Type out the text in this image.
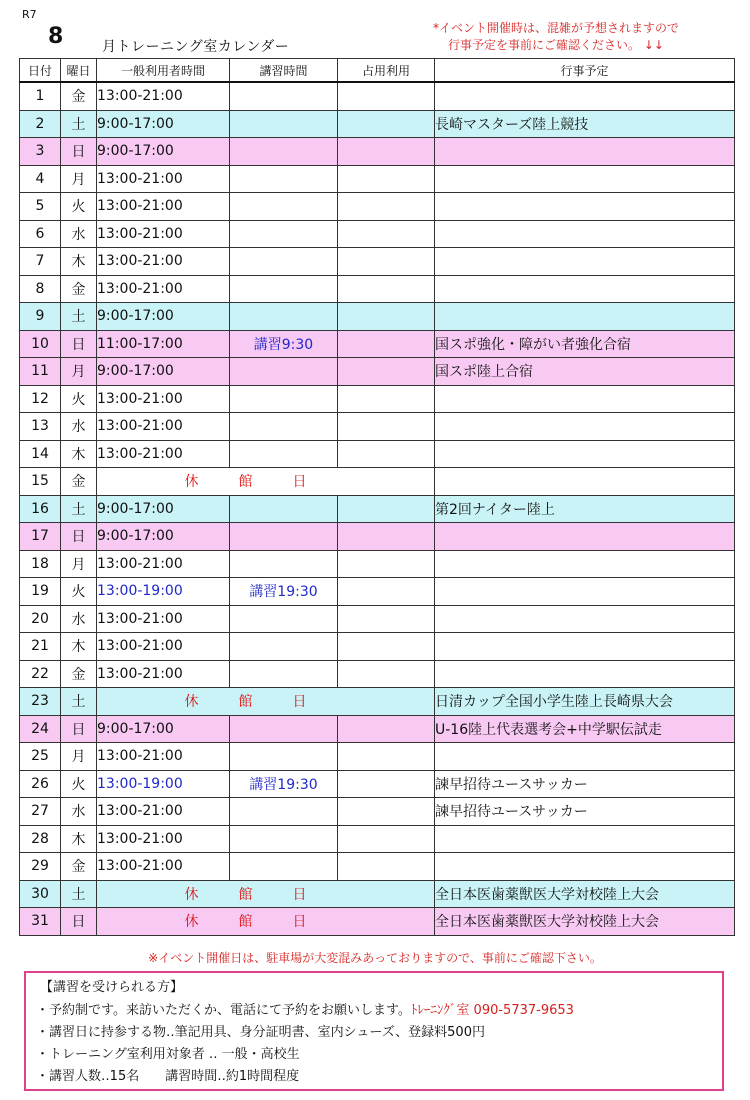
R7
8	月トレーニング室カレンダー
*イベント開催時は、混雑が予想されますので
行事予定を事前にご確認ください。 ↓↓
日付	曜日	一般利用者時間	講習時間	占用利用	行事予定
1	金	13:00-21:00			
2	土	9:00-17:00			長崎マスターズ陸上競技
3	日	9:00-17:00			
4	月	13:00-21:00			
5	火	13:00-21:00			
6	水	13:00-21:00			
7	木	13:00-21:00			
8	金	13:00-21:00			
9	土	9:00-17:00			
10	日	11:00-17:00	講習9:30		国スポ強化・障がい者強化合宿
11	月	9:00-17:00			国スポ陸上合宿
12	火	13:00-21:00			
13	水	13:00-21:00			
14	木	13:00-21:00			
15	金	休館日			
16	土	9:00-17:00			第2回ナイター陸上
17	日	9:00-17:00			
18	月	13:00-21:00			
19	火	13:00-19:00	講習19:30		
20	水	13:00-21:00			
21	木	13:00-21:00			
22	金	13:00-21:00			
23	土	休館日			日清カップ全国小学生陸上長崎県大会
24	日	9:00-17:00			U-16陸上代表選考会+中学駅伝試走
25	月	13:00-21:00			
26	火	13:00-19:00	講習19:30		諫早招待ユースサッカー
27	水	13:00-21:00			諫早招待ユースサッカー
28	木	13:00-21:00			
29	金	13:00-21:00			
30	土	休館日			全日本医歯薬獣医大学対校陸上大会
31	日	休館日			全日本医歯薬獣医大学対校陸上大会
※イベント開催日は、駐車場が大変混みあっておりますので、事前にご確認下さい。

【講習を受けられる方】

・予約制です。来訪いただくか、電話にて予約をお願いします。ﾄﾚｰﾆﾝｸﾞ室 090-5737-9653

・講習日に持参する物‥筆記用具、身分証明書、室内シューズ、登録料500円

・トレーニング室利用対象者 ‥ 一般・高校生

・講習人数‥15名　　講習時間‥約1時間程度
